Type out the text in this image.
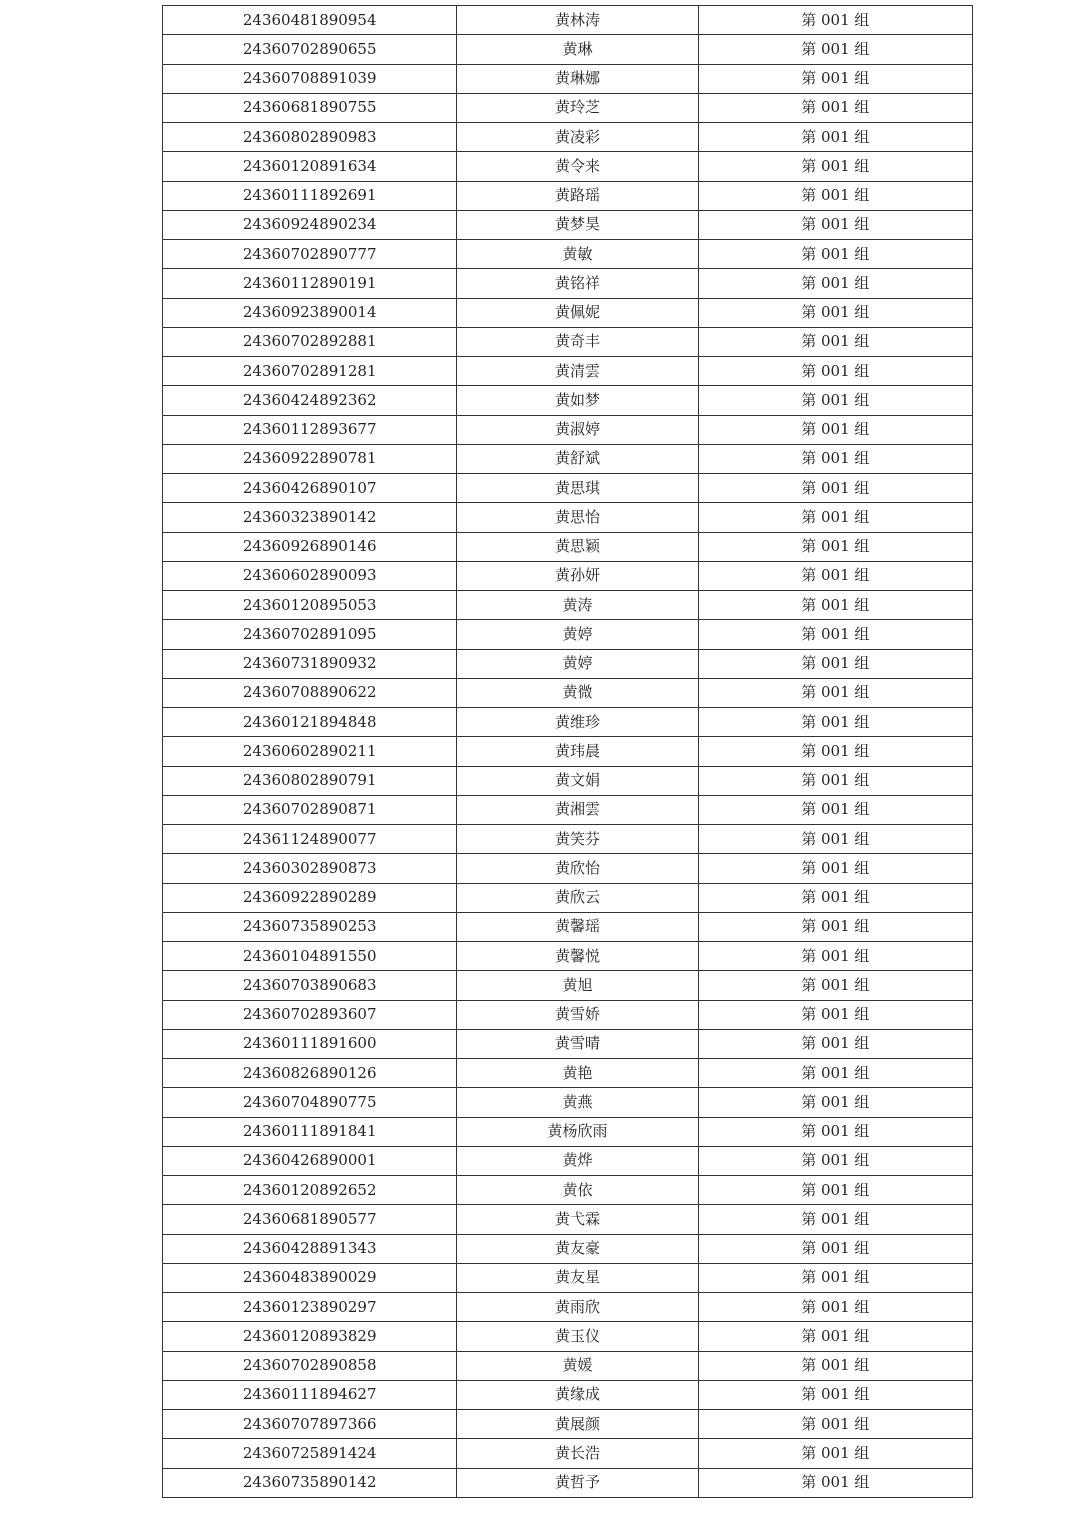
24360481890954	黄林涛	第 001 组
24360702890655	黄琳	第 001 组
24360708891039	黄琳娜	第 001 组
24360681890755	黄玲芝	第 001 组
24360802890983	黄凌彩	第 001 组
24360120891634	黄令来	第 001 组
24360111892691	黄路瑶	第 001 组
24360924890234	黄梦昊	第 001 组
24360702890777	黄敏	第 001 组
24360112890191	黄铭祥	第 001 组
24360923890014	黄佩妮	第 001 组
24360702892881	黄奇丰	第 001 组
24360702891281	黄清雲	第 001 组
24360424892362	黄如梦	第 001 组
24360112893677	黄淑婷	第 001 组
24360922890781	黄舒斌	第 001 组
24360426890107	黄思琪	第 001 组
24360323890142	黄思怡	第 001 组
24360926890146	黄思颖	第 001 组
24360602890093	黄孙妍	第 001 组
24360120895053	黄涛	第 001 组
24360702891095	黄婷	第 001 组
24360731890932	黄婷	第 001 组
24360708890622	黄微	第 001 组
24360121894848	黄维珍	第 001 组
24360602890211	黄玮晨	第 001 组
24360802890791	黄文娟	第 001 组
24360702890871	黄湘雲	第 001 组
24361124890077	黄笑芬	第 001 组
24360302890873	黄欣怡	第 001 组
24360922890289	黄欣云	第 001 组
24360735890253	黄馨瑶	第 001 组
24360104891550	黄馨悦	第 001 组
24360703890683	黄旭	第 001 组
24360702893607	黄雪娇	第 001 组
24360111891600	黄雪晴	第 001 组
24360826890126	黄艳	第 001 组
24360704890775	黄燕	第 001 组
24360111891841	黄杨欣雨	第 001 组
24360426890001	黄烨	第 001 组
24360120892652	黄依	第 001 组
24360681890577	黄弋霖	第 001 组
24360428891343	黄友豪	第 001 组
24360483890029	黄友星	第 001 组
24360123890297	黄雨欣	第 001 组
24360120893829	黄玉仪	第 001 组
24360702890858	黄媛	第 001 组
24360111894627	黄缘成	第 001 组
24360707897366	黄展颜	第 001 组
24360725891424	黄长浩	第 001 组
24360735890142	黄哲予	第 001 组
